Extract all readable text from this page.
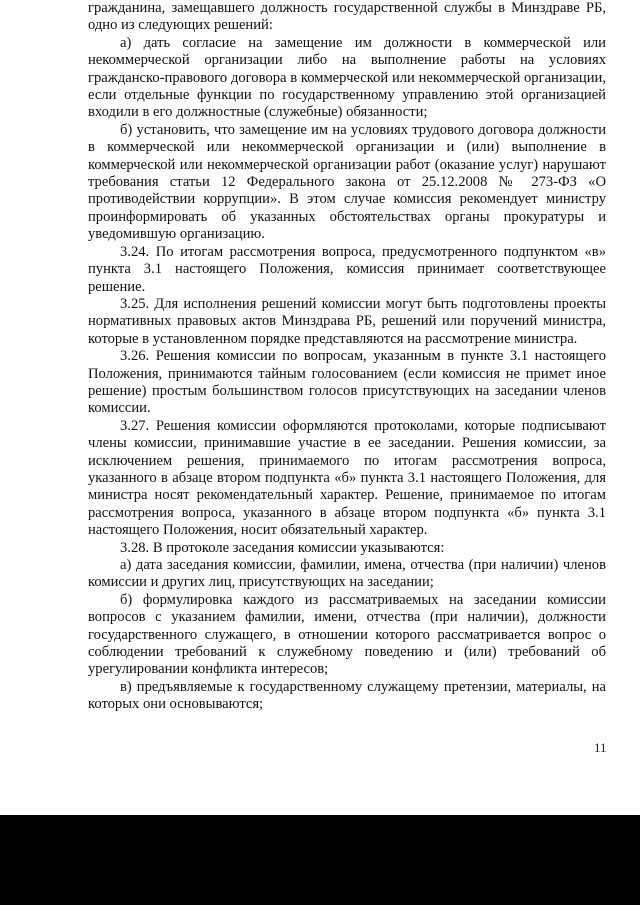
гражданина, замещавшего должность государственной службы в Минздраве РБ, одно из следующих решений:

а) дать согласие на замещение им должности в коммерческой или некоммерческой организации либо на выполнение работы на условиях гражданско-правового договора в коммерческой или некоммерческой организации, если отдельные функции по государственному управлению этой организацией входили в его должностные (служебные) обязанности;

б) установить, что замещение им на условиях трудового договора должности в коммерческой или некоммерческой организации и (или) выполнение в коммерческой или некоммерческой организации работ (оказание услуг) нарушают требования статьи 12 Федерального закона от 25.12.2008 № 273-ФЗ «О противодействии коррупции». В этом случае комиссия рекомендует министру проинформировать об указанных обстоятельствах органы прокуратуры и уведомившую организацию.

3.24. По итогам рассмотрения вопроса, предусмотренного подпунктом «в» пункта 3.1 настоящего Положения, комиссия принимает соответствующее решение.

3.25. Для исполнения решений комиссии могут быть подготовлены проекты нормативных правовых актов Минздрава РБ, решений или поручений министра, которые в установленном порядке представляются на рассмотрение министра.

3.26. Решения комиссии по вопросам, указанным в пункте 3.1 настоящего Положения, принимаются тайным голосованием (если комиссия не примет иное решение) простым большинством голосов присутствующих на заседании членов комиссии.

3.27. Решения комиссии оформляются протоколами, которые подписывают члены комиссии, принимавшие участие в ее заседании. Решения комиссии, за исключением решения, принимаемого по итогам рассмотрения вопроса, указанного в абзаце втором подпункта «б» пункта 3.1 настоящего Положения, для министра носят рекомендательный характер. Решение, принимаемое по итогам рассмотрения вопроса, указанного в абзаце втором подпункта «б» пункта 3.1 настоящего Положения, носит обязательный характер.

3.28. В протоколе заседания комиссии указываются:

а) дата заседания комиссии, фамилии, имена, отчества (при наличии) членов комиссии и других лиц, присутствующих на заседании;

б) формулировка каждого из рассматриваемых на заседании комиссии вопросов с указанием фамилии, имени, отчества (при наличии), должности государственного служащего, в отношении которого рассматривается вопрос о соблюдении требований к служебному поведению и (или) требований об урегулировании конфликта интересов;

в) предъявляемые к государственному служащему претензии, материалы, на которых они основываются;

11
